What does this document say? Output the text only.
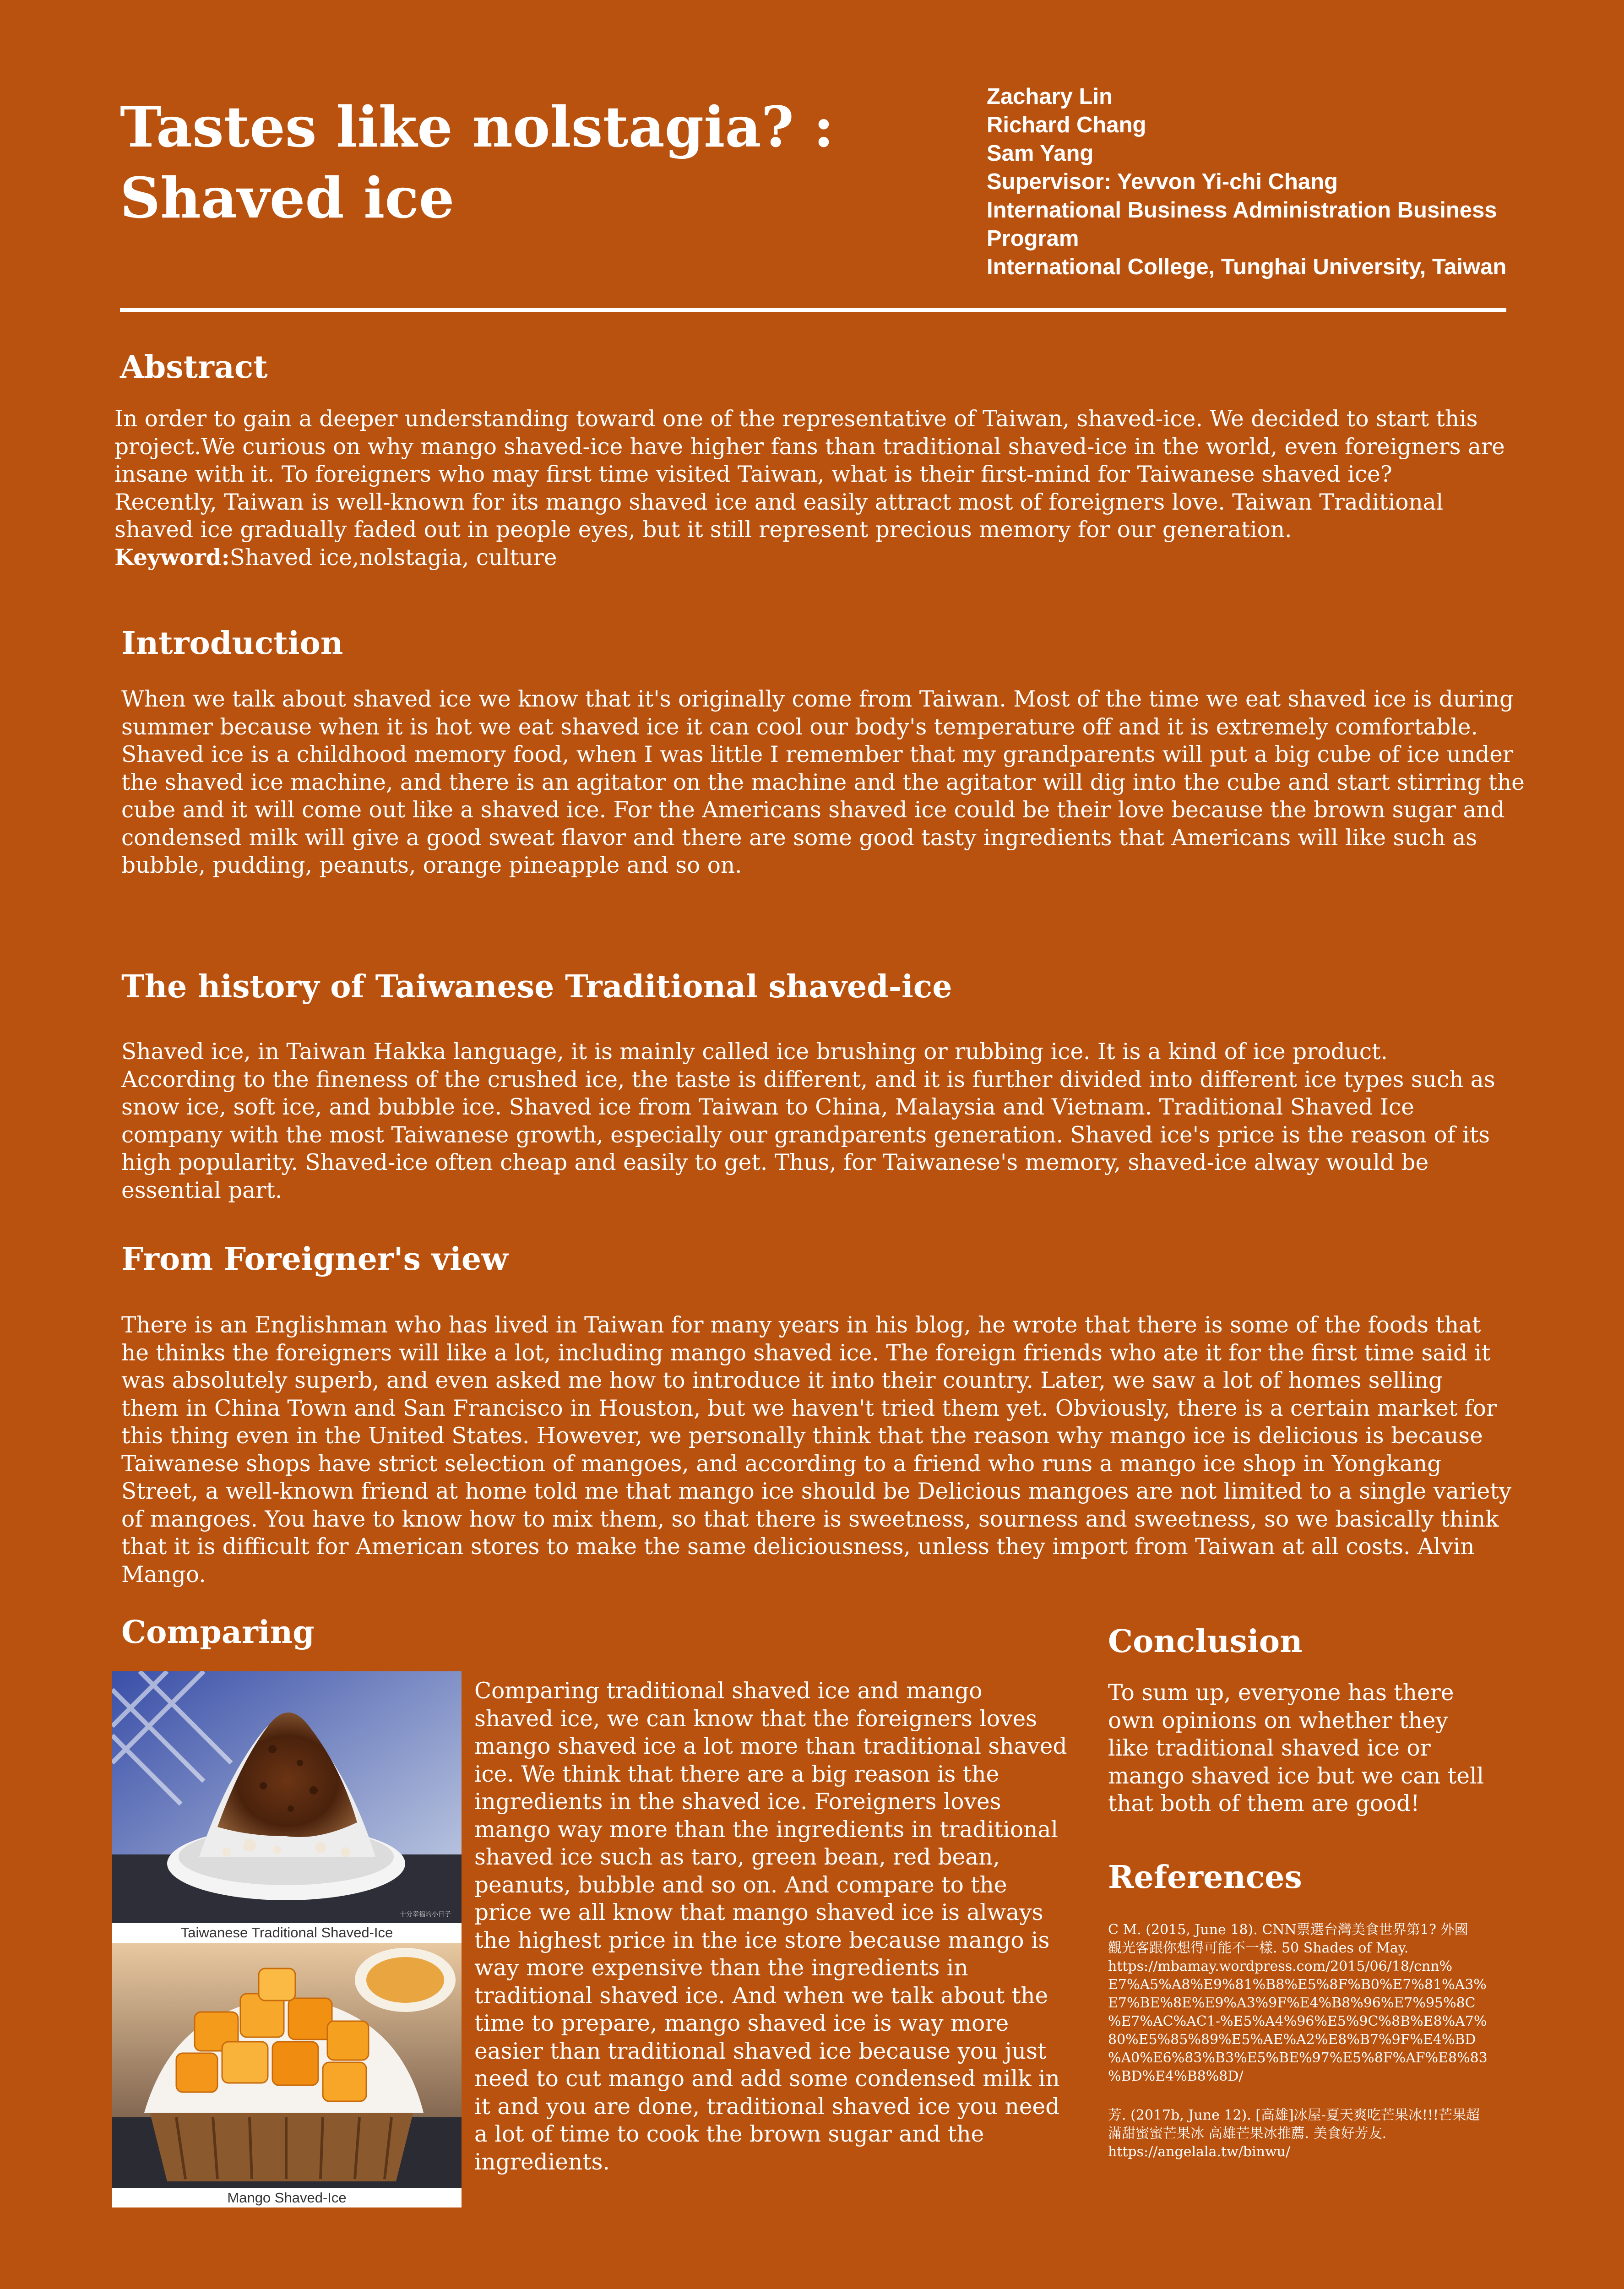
Tastes like nolstagia? :
Shaved ice
Zachary Lin
Richard Chang
Sam Yang
Supervisor: Yevvon Yi-chi Chang
International Business Administration Business
Program
International College, Tunghai University, Taiwan
Abstract
In order to gain a deeper understanding toward one of the representative of Taiwan, shaved-ice. We decided to start this
project.We curious on why mango shaved-ice have higher fans than traditional shaved-ice in the world, even foreigners are
insane with it. To foreigners who may first time visited Taiwan, what is their first-mind for Taiwanese shaved ice?
Recently, Taiwan is well-known for its mango shaved ice and easily attract most of foreigners love. Taiwan Traditional
shaved ice gradually faded out in people eyes, but it still represent precious memory for our generation.
Keyword:Shaved ice,nolstagia, culture
Introduction
When we talk about shaved ice we know that it's originally come from Taiwan. Most of the time we eat shaved ice is during
summer because when it is hot we eat shaved ice it can cool our body's temperature off and it is extremely comfortable.
Shaved ice is a childhood memory food, when I was little I remember that my grandparents will put a big cube of ice under
the shaved ice machine, and there is an agitator on the machine and the agitator will dig into the cube and start stirring the
cube and it will come out like a shaved ice. For the Americans shaved ice could be their love because the brown sugar and
condensed milk will give a good sweat flavor and there are some good tasty ingredients that Americans will like such as
bubble, pudding, peanuts, orange pineapple and so on.
The history of Taiwanese Traditional shaved-ice
Shaved ice, in Taiwan Hakka language, it is mainly called ice brushing or rubbing ice. It is a kind of ice product.
According to the fineness of the crushed ice, the taste is different, and it is further divided into different ice types such as
snow ice, soft ice, and bubble ice. Shaved ice from Taiwan to China, Malaysia and Vietnam. Traditional Shaved Ice
company with the most Taiwanese growth, especially our grandparents generation. Shaved ice's price is the reason of its
high popularity. Shaved-ice often cheap and easily to get. Thus, for Taiwanese's memory, shaved-ice alway would be
essential part.
From Foreigner's view
There is an Englishman who has lived in Taiwan for many years in his blog, he wrote that there is some of the foods that
he thinks the foreigners will like a lot, including mango shaved ice. The foreign friends who ate it for the first time said it
was absolutely superb, and even asked me how to introduce it into their country. Later, we saw a lot of homes selling
them in China Town and San Francisco in Houston, but we haven't tried them yet. Obviously, there is a certain market for
this thing even in the United States. However, we personally think that the reason why mango ice is delicious is because
Taiwanese shops have strict selection of mangoes, and according to a friend who runs a mango ice shop in Yongkang
Street, a well-known friend at home told me that mango ice should be Delicious mangoes are not limited to a single variety
of mangoes. You have to know how to mix them, so that there is sweetness, sourness and sweetness, so we basically think
that it is difficult for American stores to make the same deliciousness, unless they import from Taiwan at all costs. Alvin
Mango.
Comparing
十分幸福的小日子
Taiwanese Traditional Shaved-Ice
Mango Shaved-Ice
Comparing traditional shaved ice and mango
shaved ice, we can know that the foreigners loves
mango shaved ice a lot more than traditional shaved
ice. We think that there are a big reason is the
ingredients in the shaved ice. Foreigners loves
mango way more than the ingredients in traditional
shaved ice such as taro, green bean, red bean,
peanuts, bubble and so on. And compare to the
price we all know that mango shaved ice is always
the highest price in the ice store because mango is
way more expensive than the ingredients in
traditional shaved ice. And when we talk about the
time to prepare, mango shaved ice is way more
easier than traditional shaved ice because you just
need to cut mango and add some condensed milk in
it and you are done, traditional shaved ice you need
a lot of time to cook the brown sugar and the
ingredients.
Conclusion
To sum up, everyone has there
own opinions on whether they
like traditional shaved ice or
mango shaved ice but we can tell
that both of them are good!
References
C M. (2015, June 18). CNN票選台灣美食世界第1? 外國
觀光客跟你想得可能不一樣. 50 Shades of May.
https://mbamay.wordpress.com/2015/06/18/cnn%
E7%A5%A8%E9%81%B8%E5%8F%B0%E7%81%A3%
E7%BE%8E%E9%A3%9F%E4%B8%96%E7%95%8C
%E7%AC%AC1-%E5%A4%96%E5%9C%8B%E8%A7%
80%E5%85%89%E5%AE%A2%E8%B7%9F%E4%BD
%A0%E6%83%B3%E5%BE%97%E5%8F%AF%E8%83
%BD%E4%B8%8D/
芳. (2017b, June 12). [高雄]冰屋-夏天爽吃芒果冰!!!芒果超
滿甜蜜蜜芒果冰 高雄芒果冰推薦. 美食好芳友.
https://angelala.tw/binwu/
